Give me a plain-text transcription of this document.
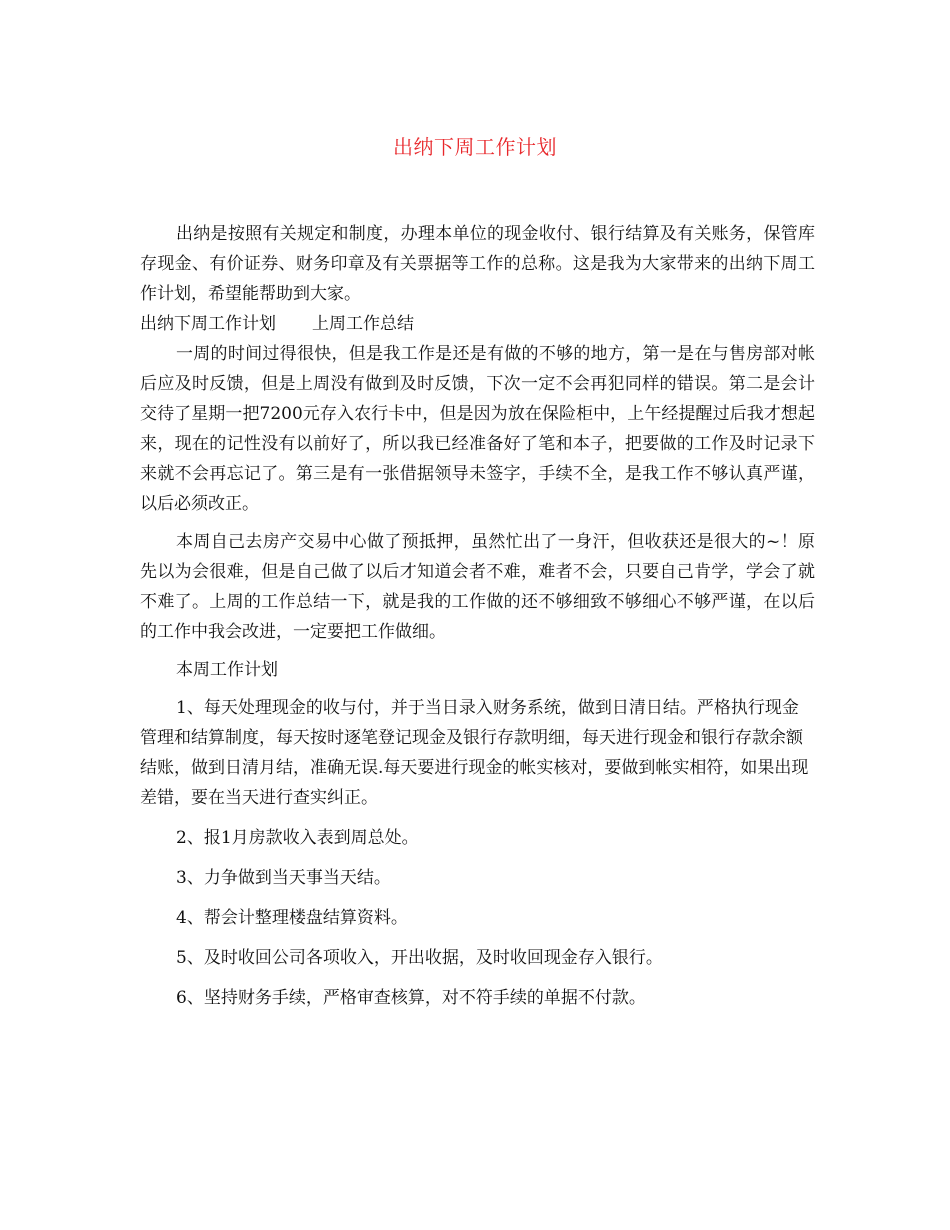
出纳下周工作计划

出纳是按照有关规定和制度，办理本单位的现金收付、银行结算及有关账务，保管库存现金、有价证券、财务印章及有关票据等工作的总称。这是我为大家带来的出纳下周工作计划，希望能帮助到大家。

出纳下周工作计划 上周工作总结

一周的时间过得很快，但是我工作是还是有做的不够的地方，第一是在与售房部对帐后应及时反馈，但是上周没有做到及时反馈，下次一定不会再犯同样的错误。第二是会计交待了星期一把7200元存入农行卡中，但是因为放在保险柜中，上午经提醒过后我才想起来，现在的记性没有以前好了，所以我已经准备好了笔和本子，把要做的工作及时记录下来就不会再忘记了。第三是有一张借据领导未签字，手续不全，是我工作不够认真严谨，以后必须改正。

本周自己去房产交易中心做了预抵押，虽然忙出了一身汗，但收获还是很大的~！原先以为会很难，但是自己做了以后才知道会者不难，难者不会，只要自己肯学，学会了就不难了。上周的工作总结一下，就是我的工作做的还不够细致不够细心不够严谨，在以后的工作中我会改进，一定要把工作做细。

本周工作计划

1、每天处理现金的收与付，并于当日录入财务系统，做到日清日结。严格执行现金管理和结算制度，每天按时逐笔登记现金及银行存款明细，每天进行现金和银行存款余额结账，做到日清月结，准确无误.每天要进行现金的帐实核对，要做到帐实相符，如果出现差错，要在当天进行查实纠正。

2、报1月房款收入表到周总处。

3、力争做到当天事当天结。

4、帮会计整理楼盘结算资料。

5、及时收回公司各项收入，开出收据，及时收回现金存入银行。

6、坚持财务手续，严格审查核算，对不符手续的单据不付款。
